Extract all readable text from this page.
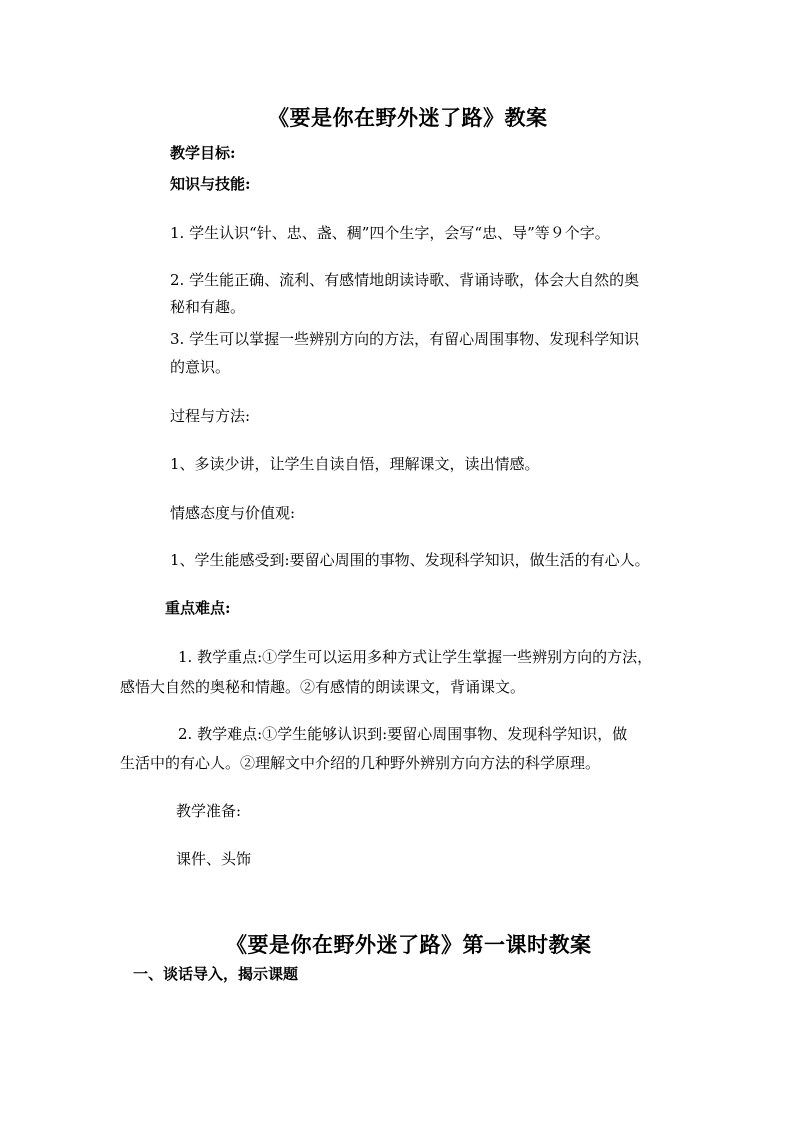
《要是你在野外迷了路》教案
教学目标:
知识与技能:
1. 学生认识“针、忠、盏、稠”四个生字，会写“忠、导”等９个字。
2. 学生能正确、流利、有感情地朗读诗歌、背诵诗歌，体会大自然的奥
秘和有趣。
3. 学生可以掌握一些辨别方向的方法，有留心周围事物、发现科学知识
的意识。
过程与方法:
1、多读少讲，让学生自读自悟，理解课文，读出情感。
情感态度与价值观:
1、学生能感受到:要留心周围的事物、发现科学知识，做生活的有心人。
重点难点:
1. 教学重点:①学生可以运用多种方式让学生掌握一些辨别方向的方法，
感悟大自然的奥秘和情趣。②有感情的朗读课文，背诵课文。
2. 教学难点:①学生能够认识到:要留心周围事物、发现科学知识，做
生活中的有心人。②理解文中介绍的几种野外辨别方向方法的科学原理。
教学准备:
课件、头饰
《要是你在野外迷了路》第一课时教案
一、谈话导入，揭示课题
